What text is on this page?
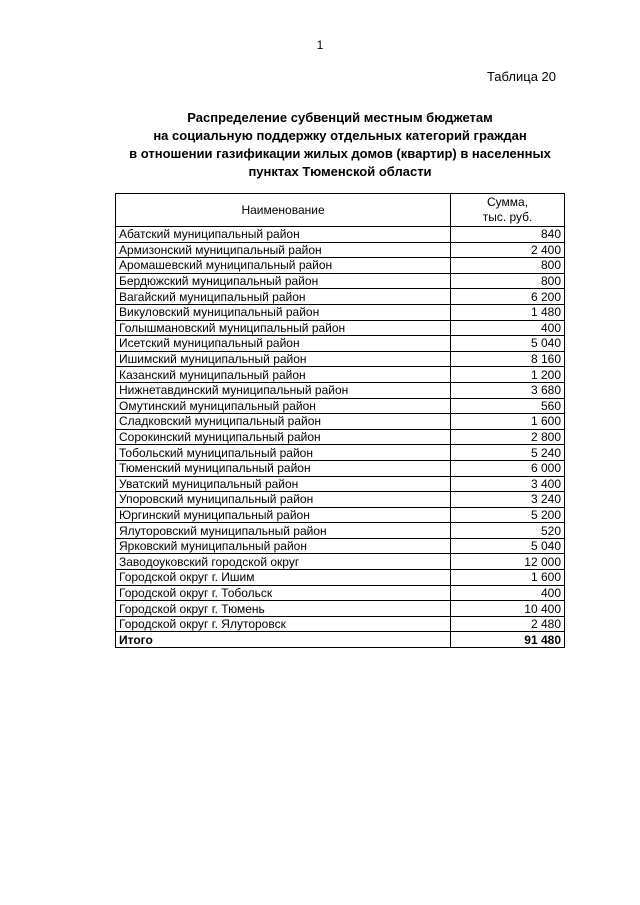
1
Таблица 20
Распределение субвенций местным бюджетам
на социальную поддержку отдельных категорий граждан
в отношении газификации жилых домов (квартир) в населенных
пунктах Тюменской области
Наименование	Сумма,
тыс. руб.

Абатский муниципальный район	840
Армизонский муниципальный район	2 400
Аромашевский муниципальный район	800
Бердюжский муниципальный район	800
Вагайский муниципальный район	6 200
Викуловский муниципальный район	1 480
Голышмановский муниципальный район	400
Исетский муниципальный район	5 040
Ишимский муниципальный район	8 160
Казанский муниципальный район	1 200
Нижнетавдинский муниципальный район	3 680
Омутинский муниципальный район	560
Сладковский муниципальный район	1 600
Сорокинский муниципальный район	2 800
Тобольский муниципальный район	5 240
Тюменский муниципальный район	6 000
Уватский муниципальный район	3 400
Упоровский муниципальный район	3 240
Юргинский муниципальный район	5 200
Ялуторовский муниципальный район	520
Ярковский муниципальный район	5 040
Заводоуковский городской округ	12 000
Городской округ г. Ишим	1 600
Городской округ г. Тобольск	400
Городской округ г. Тюмень	10 400
Городской округ г. Ялуторовск	2 480
Итого	91 480
